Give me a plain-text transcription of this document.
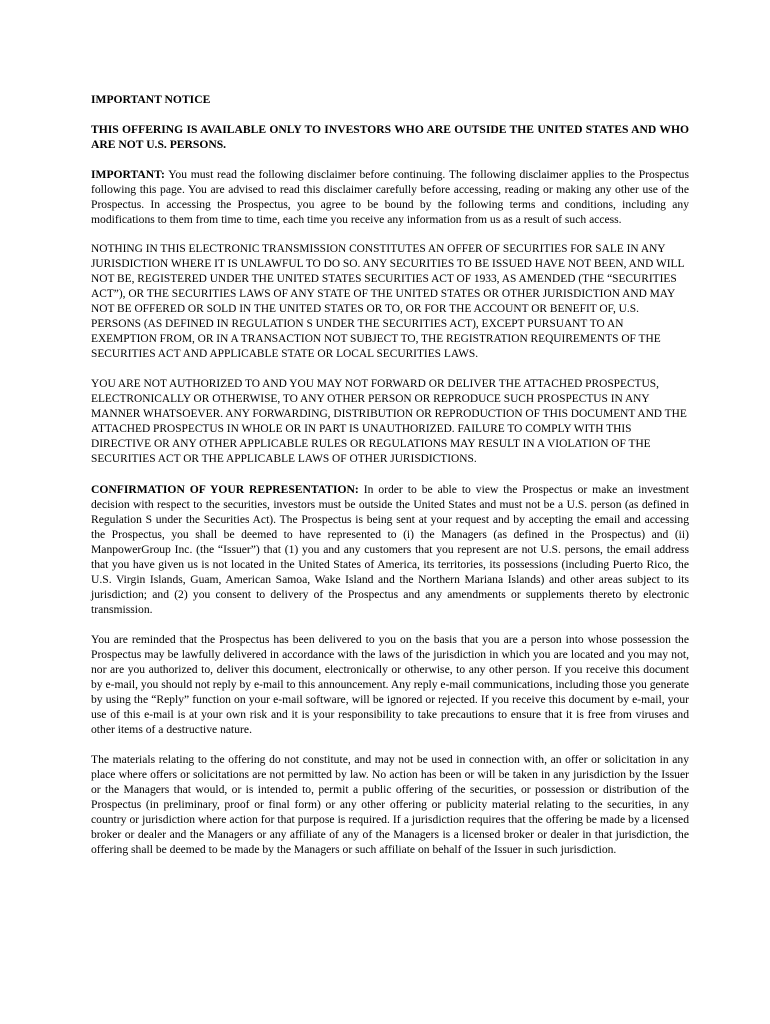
IMPORTANT NOTICE

THIS OFFERING IS AVAILABLE ONLY TO INVESTORS WHO ARE OUTSIDE THE UNITED STATES AND WHO ARE NOT U.S. PERSONS.

IMPORTANT: You must read the following disclaimer before continuing. The following disclaimer applies to the Prospectus following this page. You are advised to read this disclaimer carefully before accessing, reading or making any other use of the Prospectus. In accessing the Prospectus, you agree to be bound by the following terms and conditions, including any modifications to them from time to time, each time you receive any information from us as a result of such access.

NOTHING IN THIS ELECTRONIC TRANSMISSION CONSTITUTES AN OFFER OF SECURITIES FOR SALE IN ANY JURISDICTION WHERE IT IS UNLAWFUL TO DO SO. ANY SECURITIES TO BE ISSUED HAVE NOT BEEN, AND WILL NOT BE, REGISTERED UNDER THE UNITED STATES SECURITIES ACT OF 1933, AS AMENDED (THE “SECURITIES ACT”), OR THE SECURITIES LAWS OF ANY STATE OF THE UNITED STATES OR OTHER JURISDICTION AND MAY NOT BE OFFERED OR SOLD IN THE UNITED STATES OR TO, OR FOR THE ACCOUNT OR BENEFIT OF, U.S. PERSONS (AS DEFINED IN REGULATION S UNDER THE SECURITIES ACT), EXCEPT PURSUANT TO AN EXEMPTION FROM, OR IN A TRANSACTION NOT SUBJECT TO, THE REGISTRATION REQUIREMENTS OF THE SECURITIES ACT AND APPLICABLE STATE OR LOCAL SECURITIES LAWS.

YOU ARE NOT AUTHORIZED TO AND YOU MAY NOT FORWARD OR DELIVER THE ATTACHED PROSPECTUS, ELECTRONICALLY OR OTHERWISE, TO ANY OTHER PERSON OR REPRODUCE SUCH PROSPECTUS IN ANY MANNER WHATSOEVER. ANY FORWARDING, DISTRIBUTION OR REPRODUCTION OF THIS DOCUMENT AND THE ATTACHED PROSPECTUS IN WHOLE OR IN PART IS UNAUTHORIZED. FAILURE TO COMPLY WITH THIS DIRECTIVE OR ANY OTHER APPLICABLE RULES OR REGULATIONS MAY RESULT IN A VIOLATION OF THE SECURITIES ACT OR THE APPLICABLE LAWS OF OTHER JURISDICTIONS.

CONFIRMATION OF YOUR REPRESENTATION: In order to be able to view the Prospectus or make an investment decision with respect to the securities, investors must be outside the United States and must not be a U.S. person (as defined in Regulation S under the Securities Act). The Prospectus is being sent at your request and by accepting the email and accessing the Prospectus, you shall be deemed to have represented to (i) the Managers (as defined in the Prospectus) and (ii) ManpowerGroup Inc. (the “Issuer”) that (1) you and any customers that you represent are not U.S. persons, the email address that you have given us is not located in the United States of America, its territories, its possessions (including Puerto Rico, the U.S. Virgin Islands, Guam, American Samoa, Wake Island and the Northern Mariana Islands) and other areas subject to its jurisdiction; and (2) you consent to delivery of the Prospectus and any amendments or supplements thereto by electronic transmission.

You are reminded that the Prospectus has been delivered to you on the basis that you are a person into whose possession the Prospectus may be lawfully delivered in accordance with the laws of the jurisdiction in which you are located and you may not, nor are you authorized to, deliver this document, electronically or otherwise, to any other person. If you receive this document by e-mail, you should not reply by e-mail to this announcement. Any reply e-mail communications, including those you generate by using the “Reply” function on your e-mail software, will be ignored or rejected. If you receive this document by e-mail, your use of this e-mail is at your own risk and it is your responsibility to take precautions to ensure that it is free from viruses and other items of a destructive nature.

The materials relating to the offering do not constitute, and may not be used in connection with, an offer or solicitation in any place where offers or solicitations are not permitted by law. No action has been or will be taken in any jurisdiction by the Issuer or the Managers that would, or is intended to, permit a public offering of the securities, or possession or distribution of the Prospectus (in preliminary, proof or final form) or any other offering or publicity material relating to the securities, in any country or jurisdiction where action for that purpose is required. If a jurisdiction requires that the offering be made by a licensed broker or dealer and the Managers or any affiliate of any of the Managers is a licensed broker or dealer in that jurisdiction, the offering shall be deemed to be made by the Managers or such affiliate on behalf of the Issuer in such jurisdiction.
